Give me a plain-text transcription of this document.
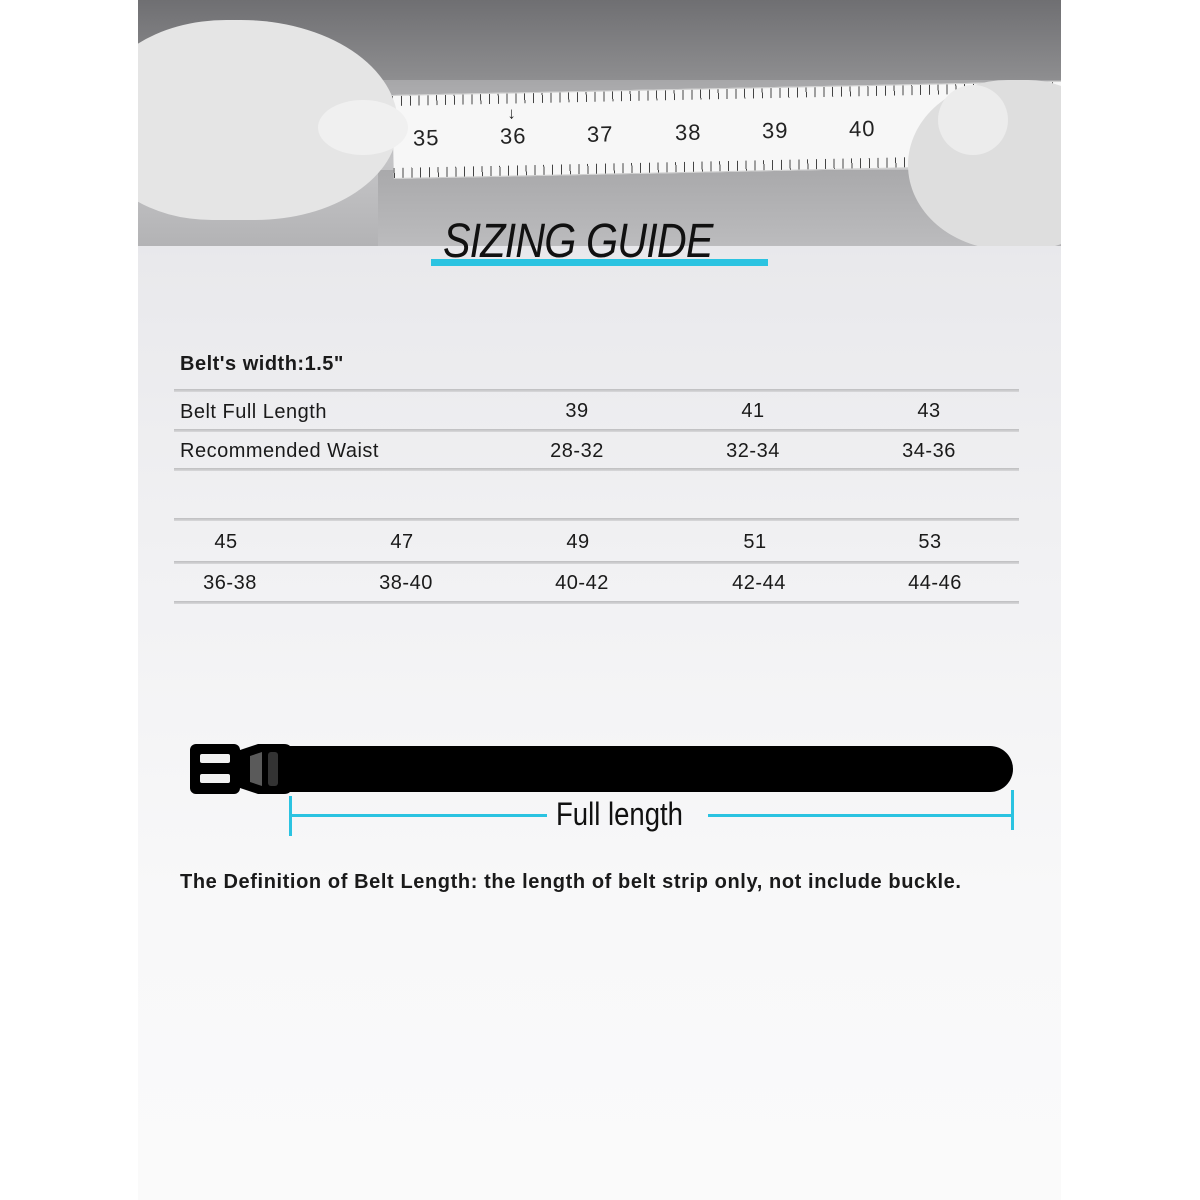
↓
35	36	37	38	39	40
SIZING GUIDE
Belt's width:1.5"
Belt Full Length	39	41	43
Recommended Waist	28-32	32-34	34-36
45	47	49	51	53
36-38	38-40	40-42	42-44	44-46
Full length
The Definition of Belt Length: the length of belt strip only, not include buckle.
